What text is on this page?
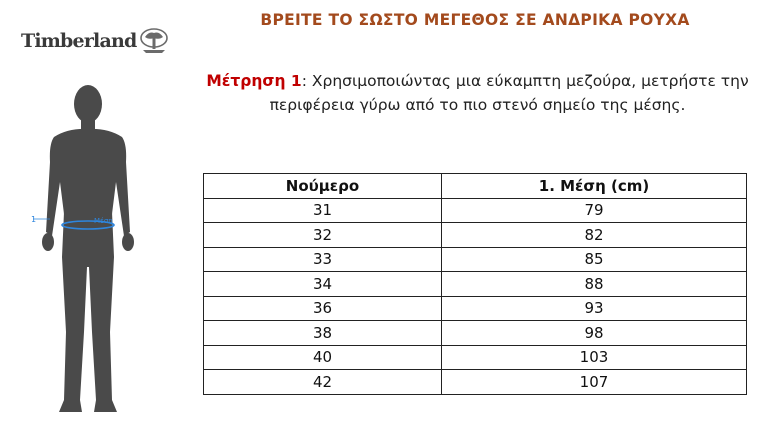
Timberland
ΒΡΕΙΤΕ ΤΟ ΣΩΣΤΟ ΜΕΓΕΘΟΣ ΣΕ ΑΝΔΡΙΚΑ ΡΟΥΧΑ
Μέτρηση 1: Χρησιμοποιώντας μια εύκαμπτη μεζούρα, μετρήστε την περιφέρεια γύρω από το πιο στενό σημείο της μέσης.
1	Μέση
Νούμερο	1. Μέση (cm)
31	79
32	82
33	85
34	88
36	93
38	98
40	103
42	107
